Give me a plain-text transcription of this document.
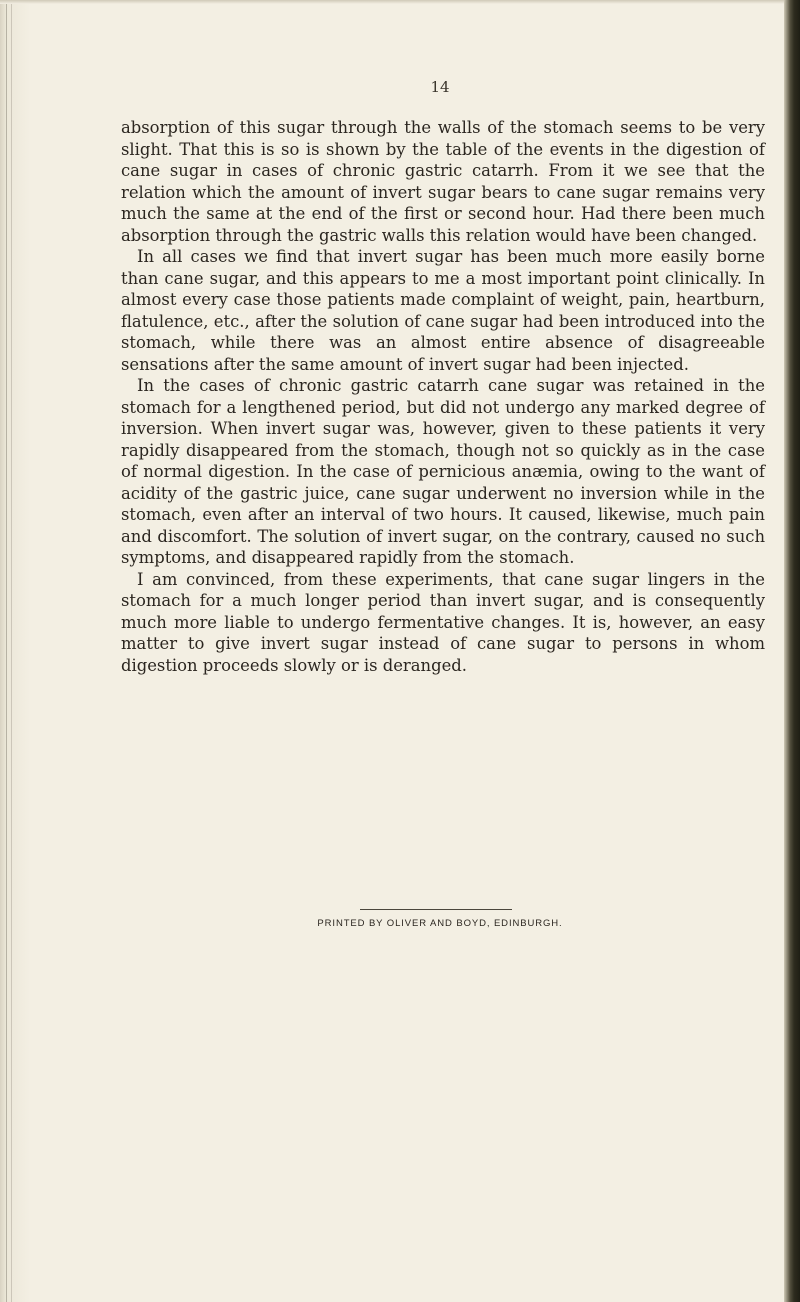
14

absorption of this sugar through the walls of the stomach seems to be very slight. That this is so is shown by the table of the events in the digestion of cane sugar in cases of chronic gastric catarrh. From it we see that the relation which the amount of invert sugar bears to cane sugar remains very much the same at the end of the first or second hour. Had there been much absorption through the gastric walls this relation would have been changed.

In all cases we find that invert sugar has been much more easily borne than cane sugar, and this appears to me a most important point clinically. In almost every case those patients made complaint of weight, pain, heartburn, flatulence, etc., after the solution of cane sugar had been introduced into the stomach, while there was an almost entire absence of disagreeable sensations after the same amount of invert sugar had been injected.

In the cases of chronic gastric catarrh cane sugar was retained in the stomach for a lengthened period, but did not undergo any marked degree of inversion. When invert sugar was, however, given to these patients it very rapidly disappeared from the stomach, though not so quickly as in the case of normal digestion. In the case of pernicious anæmia, owing to the want of acidity of the gastric juice, cane sugar underwent no inversion while in the stomach, even after an interval of two hours. It caused, likewise, much pain and discomfort. The solution of invert sugar, on the contrary, caused no such symptoms, and disappeared rapidly from the stomach.

I am convinced, from these experiments, that cane sugar lingers in the stomach for a much longer period than invert sugar, and is consequently much more liable to undergo fermentative changes. It is, however, an easy matter to give invert sugar instead of cane sugar to persons in whom digestion proceeds slowly or is deranged.

PRINTED BY OLIVER AND BOYD, EDINBURGH.
